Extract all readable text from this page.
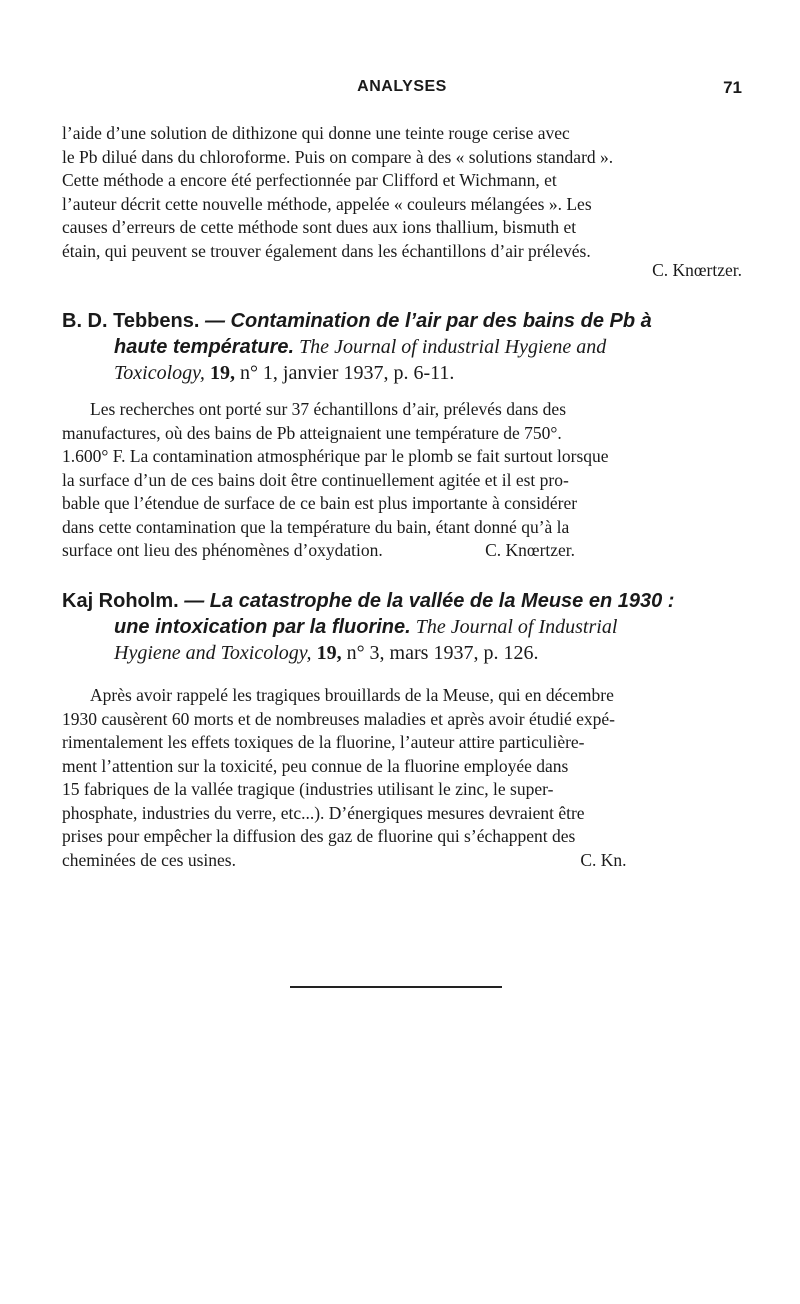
ANALYSES	71
l’aide d’une solution de dithizone qui donne une teinte rouge cerise avec
le Pb dilué dans du chloroforme. Puis on compare à des « solutions standard ».
Cette méthode a encore été perfectionnée par Clifford et Wichmann, et
l’auteur décrit cette nouvelle méthode, appelée « couleurs mélangées ». Les
causes d’erreurs de cette méthode sont dues aux ions thallium, bismuth et
étain, qui peuvent se trouver également dans les échantillons d’air prélevés.
C. Knœrtzer.
B. D. Tebbens. — Contamination de l’air par des bains de Pb à
haute température. The Journal of industrial Hygiene and
Toxicology, 19, n° 1, janvier 1937, p. 6-11.
Les recherches ont porté sur 37 échantillons d’air, prélevés dans des
manufactures, où des bains de Pb atteignaient une température de 750°.
1.600° F. La contamination atmosphérique par le plomb se fait surtout lorsque
la surface d’un de ces bains doit être continuellement agitée et il est pro-
bable que l’étendue de surface de ce bain est plus importante à considérer
dans cette contamination que la température du bain, étant donné qu’à la
surface ont lieu des phénomènes d’oxydation.	C. Knœrtzer.
Kaj Roholm. — La catastrophe de la vallée de la Meuse en 1930 :
une intoxication par la fluorine. The Journal of Industrial
Hygiene and Toxicology, 19, n° 3, mars 1937, p. 126.
Après avoir rappelé les tragiques brouillards de la Meuse, qui en décembre
1930 causèrent 60 morts et de nombreuses maladies et après avoir étudié expé-
rimentalement les effets toxiques de la fluorine, l’auteur attire particulière-
ment l’attention sur la toxicité, peu connue de la fluorine employée dans
15 fabriques de la vallée tragique (industries utilisant le zinc, le super-
phosphate, industries du verre, etc...). D’énergiques mesures devraient être
prises pour empêcher la diffusion des gaz de fluorine qui s’échappent des
cheminées de ces usines.	C. Kn.
